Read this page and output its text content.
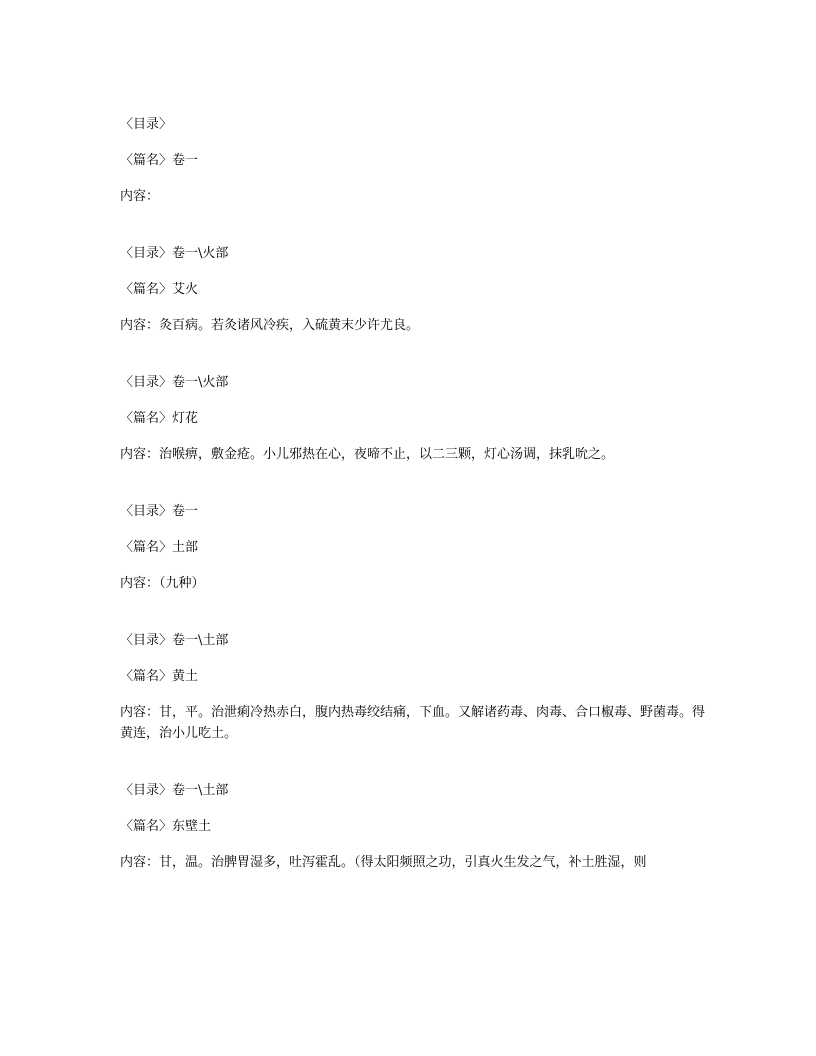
〈目录〉
〈篇名〉卷一
内容：
〈目录〉卷一\火部
〈篇名〉艾火
内容：灸百病。若灸诸风冷疾，入硫黄末少许尤良。
〈目录〉卷一\火部
〈篇名〉灯花
内容：治喉痹，敷金疮。小儿邪热在心，夜啼不止，以二三颗，灯心汤调，抹乳吮之。
〈目录〉卷一
〈篇名〉土部
内容：（九种）
〈目录〉卷一\土部
〈篇名〉黄土
内容：甘，平。治泄痢冷热赤白，腹内热毒绞结痛，下血。又解诸药毒、肉毒、合口椒毒、野菌毒。得黄连，治小儿吃土。
〈目录〉卷一\土部
〈篇名〉东壁土
内容：甘，温。治脾胃湿多，吐泻霍乱。（得太阳频照之功，引真火生发之气，补土胜湿，则
